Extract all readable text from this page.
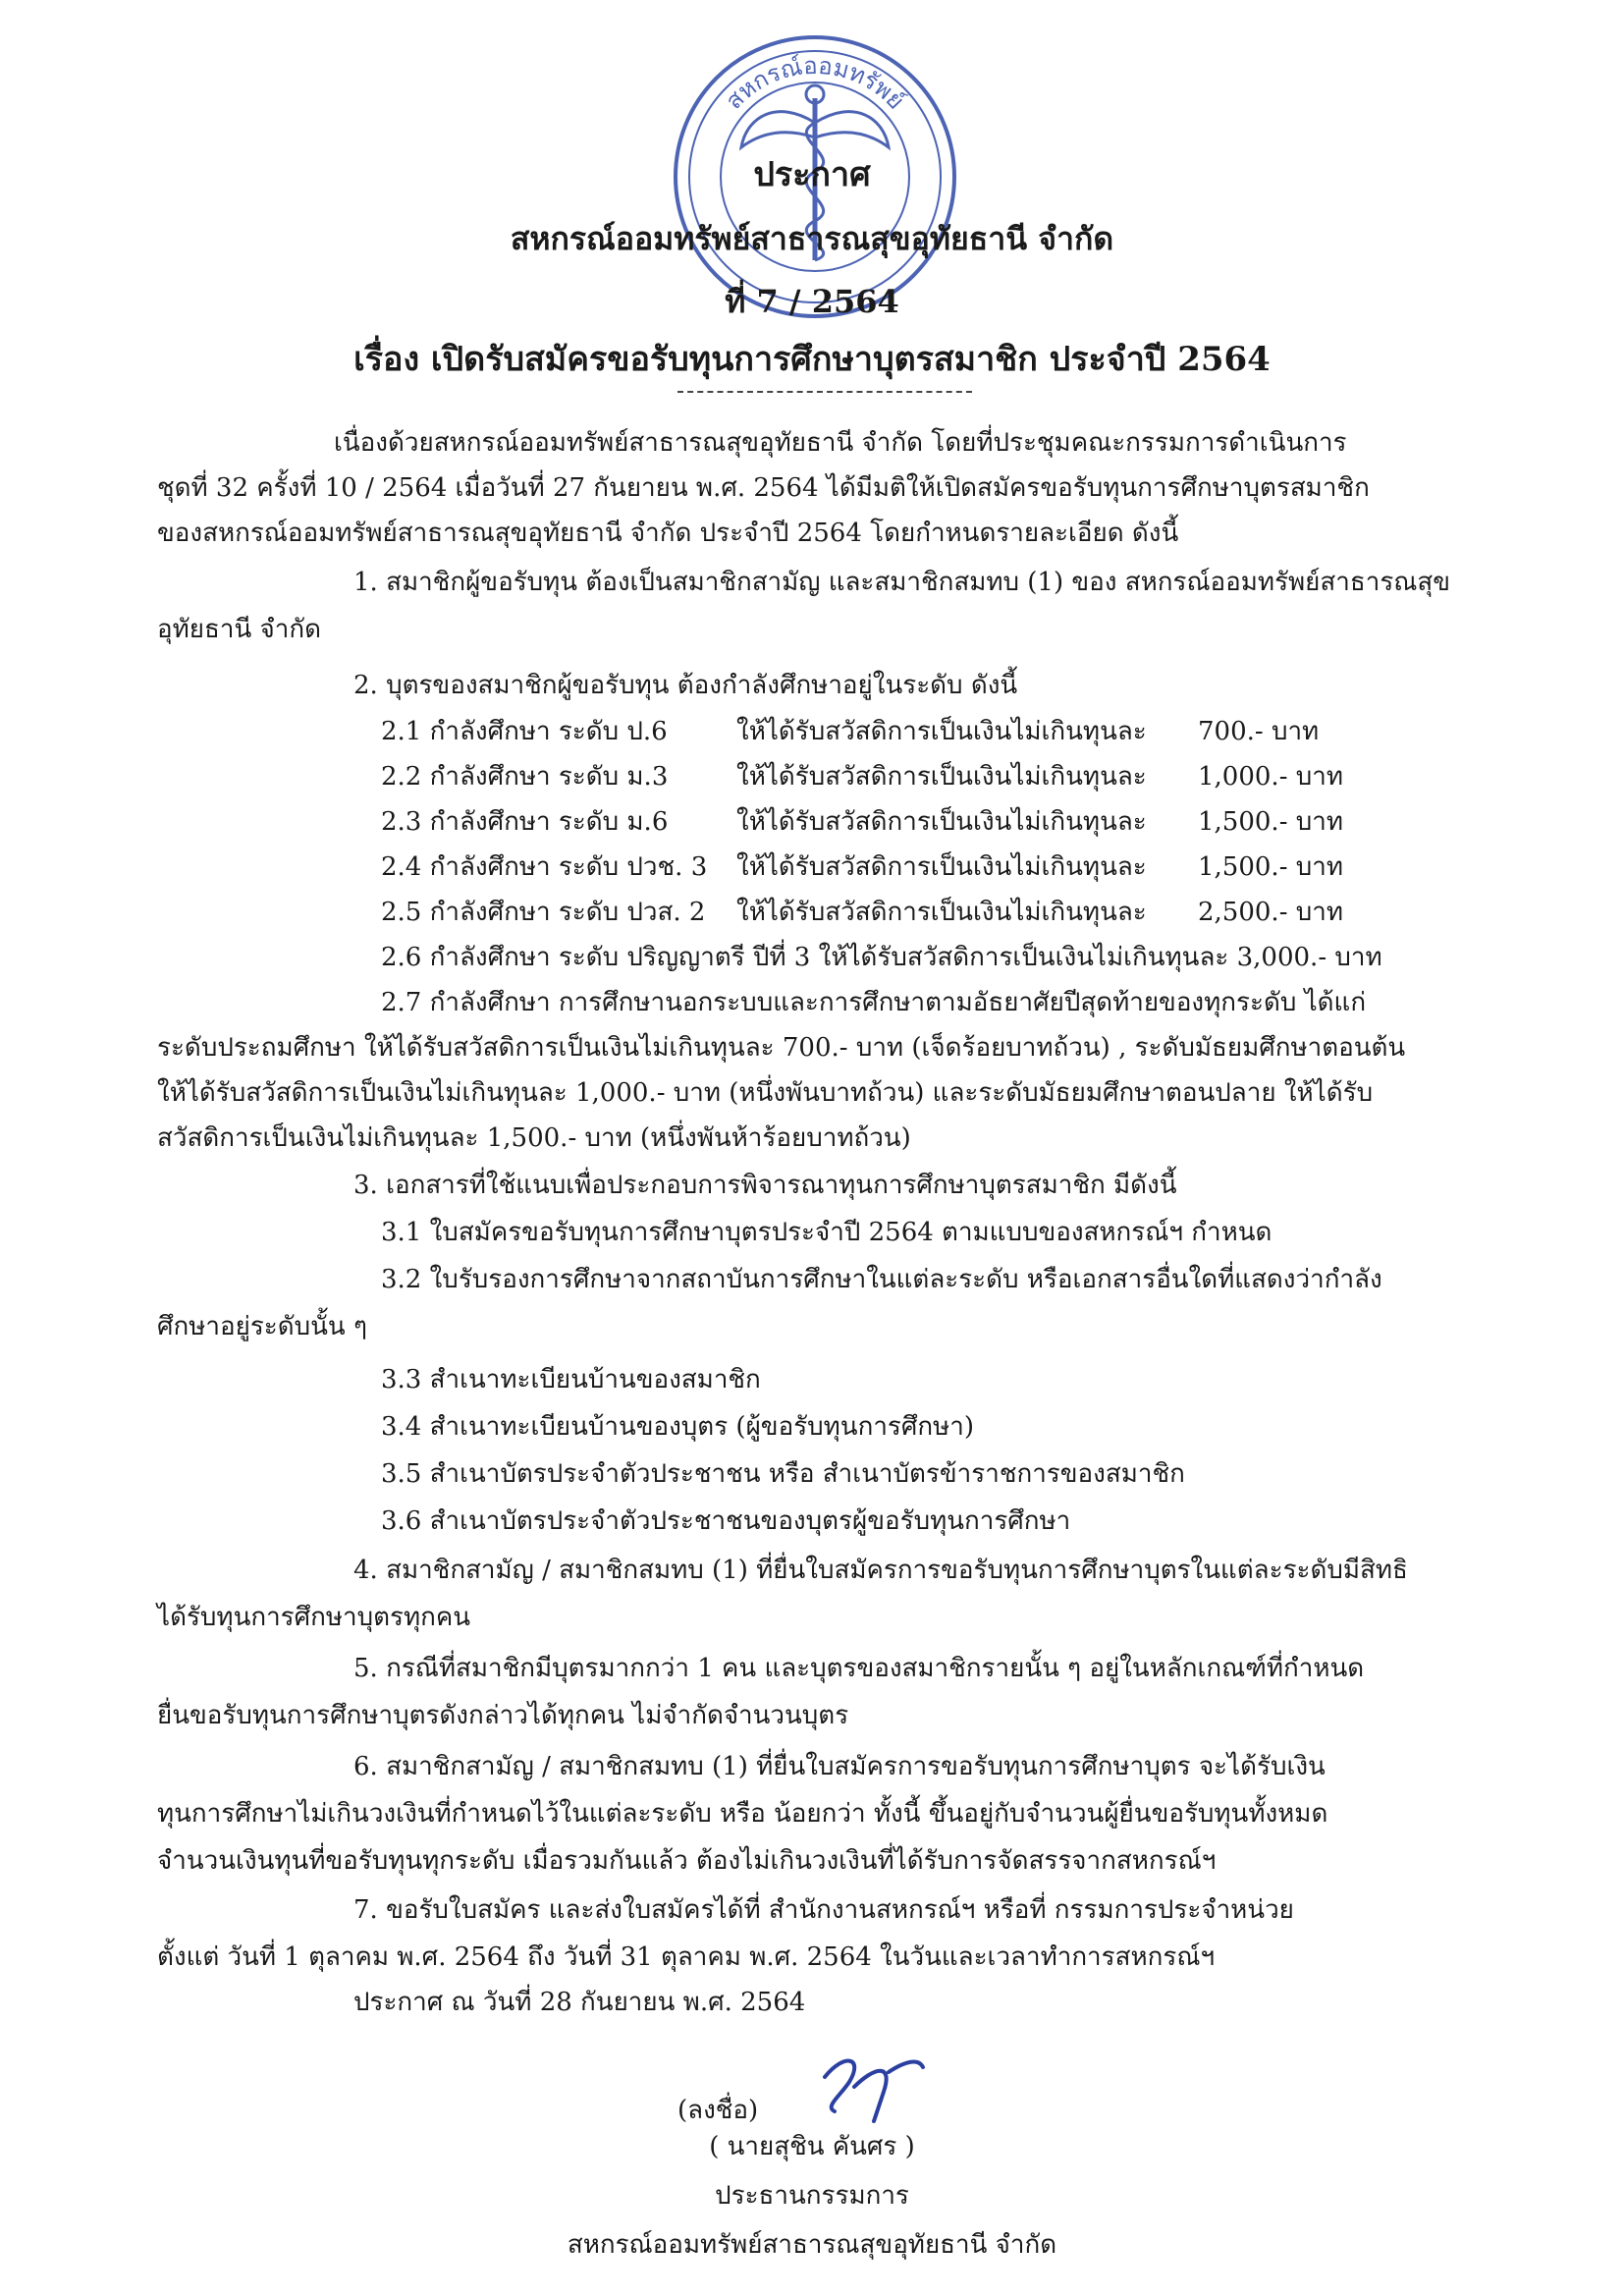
สหกรณ์ออมทรัพย์
ประกาศ
สหกรณ์ออมทรัพย์สาธารณสุขอุทัยธานี จำกัด
ที่ 7 / 2564
เรื่อง เปิดรับสมัครขอรับทุนการศึกษาบุตรสมาชิก ประจำปี 2564
เนื่องด้วยสหกรณ์ออมทรัพย์สาธารณสุขอุทัยธานี จำกัด โดยที่ประชุมคณะกรรมการดำเนินการ
ชุดที่ 32 ครั้งที่ 10 / 2564 เมื่อวันที่ 27 กันยายน พ.ศ. 2564 ได้มีมติให้เปิดสมัครขอรับทุนการศึกษาบุตรสมาชิก
ของสหกรณ์ออมทรัพย์สาธารณสุขอุทัยธานี จำกัด ประจำปี 2564 โดยกำหนดรายละเอียด ดังนี้
1. สมาชิกผู้ขอรับทุน ต้องเป็นสมาชิกสามัญ และสมาชิกสมทบ (1) ของ สหกรณ์ออมทรัพย์สาธารณสุข
อุทัยธานี จำกัด
2. บุตรของสมาชิกผู้ขอรับทุน ต้องกำลังศึกษาอยู่ในระดับ ดังนี้
2.1 กำลังศึกษา ระดับ ป.6	ให้ได้รับสวัสดิการเป็นเงินไม่เกินทุนละ 700.- บาท
2.2 กำลังศึกษา ระดับ ม.3	ให้ได้รับสวัสดิการเป็นเงินไม่เกินทุนละ 1,000.- บาท
2.3 กำลังศึกษา ระดับ ม.6	ให้ได้รับสวัสดิการเป็นเงินไม่เกินทุนละ 1,500.- บาท
2.4 กำลังศึกษา ระดับ ปวช. 3 ให้ได้รับสวัสดิการเป็นเงินไม่เกินทุนละ 1,500.- บาท
2.5 กำลังศึกษา ระดับ ปวส. 2 ให้ได้รับสวัสดิการเป็นเงินไม่เกินทุนละ 2,500.- บาท
2.6 กำลังศึกษา ระดับ ปริญญาตรี ปีที่ 3 ให้ได้รับสวัสดิการเป็นเงินไม่เกินทุนละ 3,000.- บาท
2.7 กำลังศึกษา การศึกษานอกระบบและการศึกษาตามอัธยาศัยปีสุดท้ายของทุกระดับ ได้แก่
ระดับประถมศึกษา ให้ได้รับสวัสดิการเป็นเงินไม่เกินทุนละ 700.- บาท (เจ็ดร้อยบาทถ้วน) , ระดับมัธยมศึกษาตอนต้น
ให้ได้รับสวัสดิการเป็นเงินไม่เกินทุนละ 1,000.- บาท (หนึ่งพันบาทถ้วน) และระดับมัธยมศึกษาตอนปลาย ให้ได้รับ
สวัสดิการเป็นเงินไม่เกินทุนละ 1,500.- บาท (หนึ่งพันห้าร้อยบาทถ้วน)
3. เอกสารที่ใช้แนบเพื่อประกอบการพิจารณาทุนการศึกษาบุตรสมาชิก มีดังนี้
3.1 ใบสมัครขอรับทุนการศึกษาบุตรประจำปี 2564 ตามแบบของสหกรณ์ฯ กำหนด
3.2 ใบรับรองการศึกษาจากสถาบันการศึกษาในแต่ละระดับ หรือเอกสารอื่นใดที่แสดงว่ากำลัง
ศึกษาอยู่ระดับนั้น ๆ
3.3 สำเนาทะเบียนบ้านของสมาชิก
3.4 สำเนาทะเบียนบ้านของบุตร (ผู้ขอรับทุนการศึกษา)
3.5 สำเนาบัตรประจำตัวประชาชน หรือ สำเนาบัตรข้าราชการของสมาชิก
3.6 สำเนาบัตรประจำตัวประชาชนของบุตรผู้ขอรับทุนการศึกษา
4. สมาชิกสามัญ / สมาชิกสมทบ (1) ที่ยื่นใบสมัครการขอรับทุนการศึกษาบุตรในแต่ละระดับมีสิทธิ
ได้รับทุนการศึกษาบุตรทุกคน
5. กรณีที่สมาชิกมีบุตรมากกว่า 1 คน และบุตรของสมาชิกรายนั้น ๆ อยู่ในหลักเกณฑ์ที่กำหนด
ยื่นขอรับทุนการศึกษาบุตรดังกล่าวได้ทุกคน ไม่จำกัดจำนวนบุตร
6. สมาชิกสามัญ / สมาชิกสมทบ (1) ที่ยื่นใบสมัครการขอรับทุนการศึกษาบุตร จะได้รับเงิน
ทุนการศึกษาไม่เกินวงเงินที่กำหนดไว้ในแต่ละระดับ หรือ น้อยกว่า ทั้งนี้ ขึ้นอยู่กับจำนวนผู้ยื่นขอรับทุนทั้งหมด
จำนวนเงินทุนที่ขอรับทุนทุกระดับ เมื่อรวมกันแล้ว ต้องไม่เกินวงเงินที่ได้รับการจัดสรรจากสหกรณ์ฯ
7. ขอรับใบสมัคร และส่งใบสมัครได้ที่ สำนักงานสหกรณ์ฯ หรือที่ กรรมการประจำหน่วย
ตั้งแต่ วันที่ 1 ตุลาคม พ.ศ. 2564 ถึง วันที่ 31 ตุลาคม พ.ศ. 2564 ในวันและเวลาทำการสหกรณ์ฯ
ประกาศ ณ วันที่ 28 กันยายน พ.ศ. 2564
(ลงชื่อ)
( นายสุชิน คันศร )
ประธานกรรมการ
สหกรณ์ออมทรัพย์สาธารณสุขอุทัยธานี จำกัด
